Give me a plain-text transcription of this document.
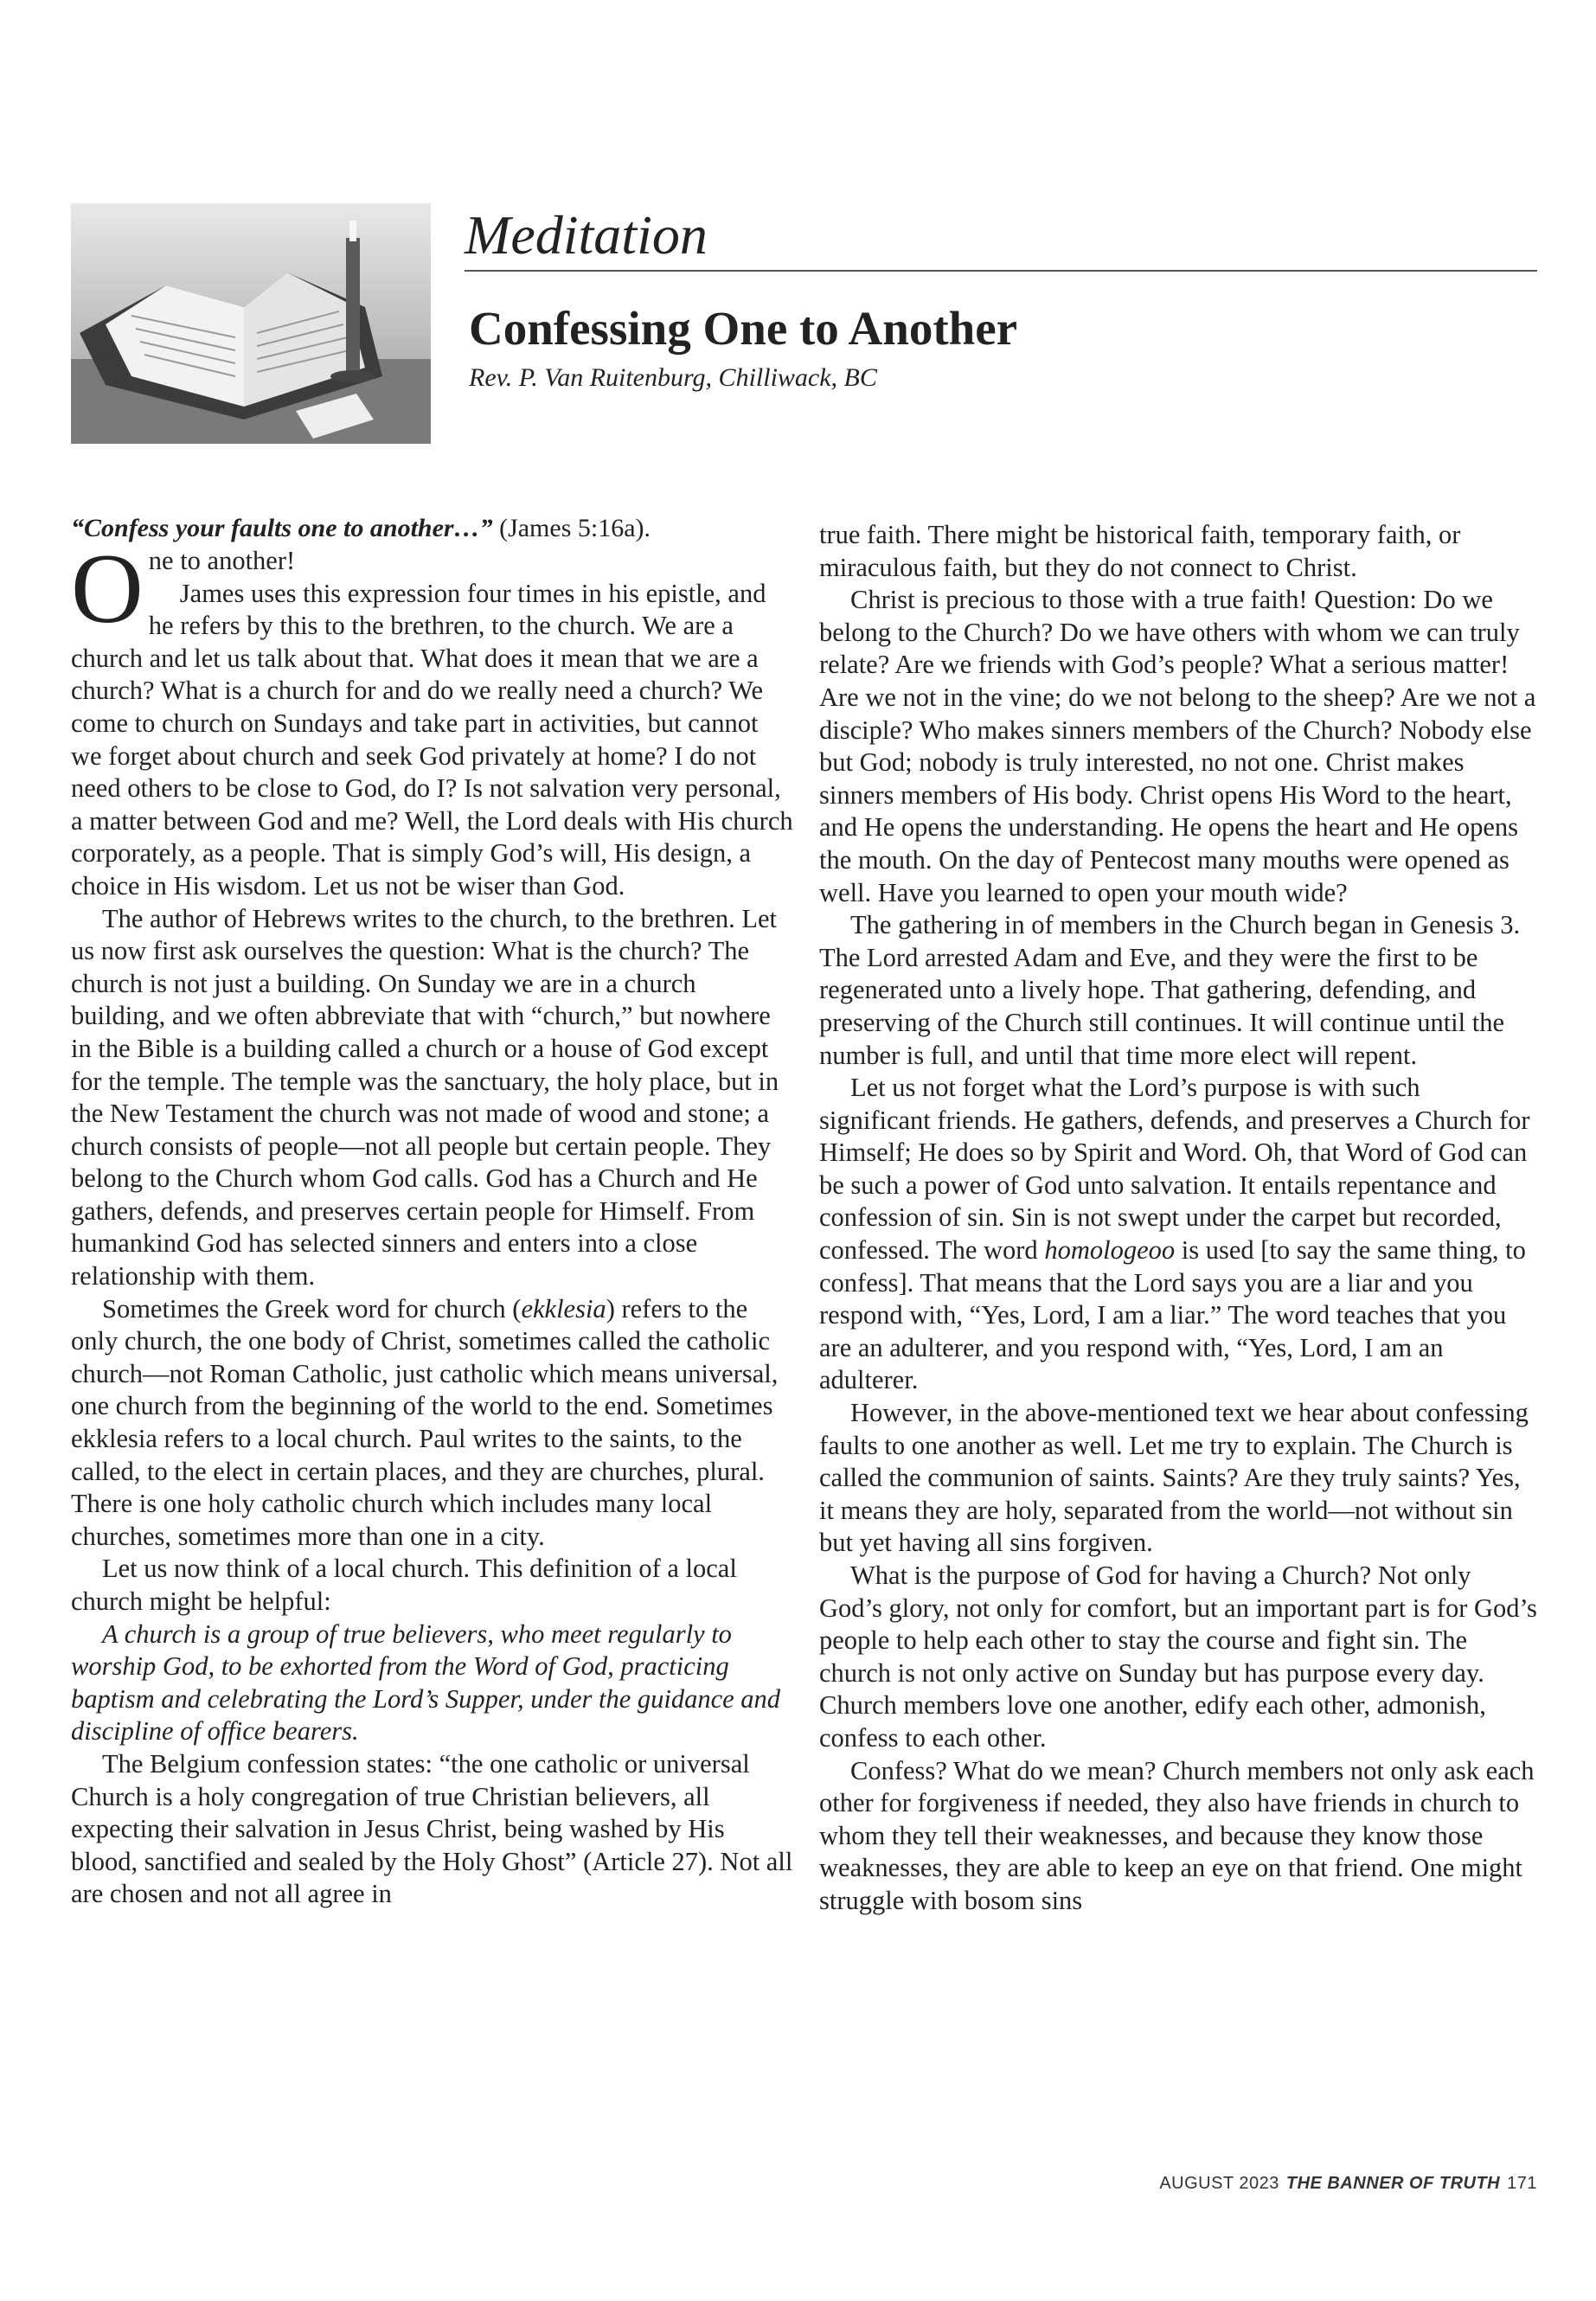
Meditation
Confessing One to Another
Rev. P. Van Ruitenburg, Chilliwack, BC

“Confess your faults one to another…” (James 5:16a).

One to another!

James uses this expression four times in his epistle, and he refers by this to the brethren, to the church. We are a church and let us talk about that. What does it mean that we are a church? What is a church for and do we really need a church? We come to church on Sundays and take part in activities, but cannot we forget about church and seek God privately at home? I do not need others to be close to God, do I? Is not salvation very personal, a matter between God and me? Well, the Lord deals with His church corporately, as a people. That is simply God’s will, His design, a choice in His wisdom. Let us not be wiser than God.

The author of Hebrews writes to the church, to the brethren. Let us now first ask ourselves the question: What is the church? The church is not just a building. On Sunday we are in a church building, and we often abbreviate that with “church,” but nowhere in the Bible is a building called a church or a house of God except for the temple. The temple was the sanctuary, the holy place, but in the New Testament the church was not made of wood and stone; a church consists of people—not all people but certain people. They belong to the Church whom God calls. God has a Church and He gathers, defends, and preserves certain people for Himself. From humankind God has selected sinners and enters into a close relationship with them.

Sometimes the Greek word for church (ekklesia) refers to the only church, the one body of Christ, sometimes called the catholic church—not Roman Catholic, just catholic which means universal, one church from the beginning of the world to the end. Sometimes ekklesia refers to a local church. Paul writes to the saints, to the called, to the elect in certain places, and they are churches, plural. There is one holy catholic church which includes many local churches, sometimes more than one in a city.

Let us now think of a local church. This definition of a local church might be helpful:

A church is a group of true believers, who meet regularly to worship God, to be exhorted from the Word of God, practicing baptism and celebrating the Lord’s Supper, under the guidance and discipline of office bearers.

The Belgium confession states: “the one catholic or universal Church is a holy congregation of true Christian believers, all expecting their salvation in Jesus Christ, being washed by His blood, sanctified and sealed by the Holy Ghost” (Article 27). Not all are chosen and not all agree in

true faith. There might be historical faith, temporary faith, or miraculous faith, but they do not connect to Christ.

Christ is precious to those with a true faith! Question: Do we belong to the Church? Do we have others with whom we can truly relate? Are we friends with God’s people? What a serious matter! Are we not in the vine; do we not belong to the sheep? Are we not a disciple? Who makes sinners members of the Church? Nobody else but God; nobody is truly interested, no not one. Christ makes sinners members of His body. Christ opens His Word to the heart, and He opens the understanding. He opens the heart and He opens the mouth. On the day of Pentecost many mouths were opened as well. Have you learned to open your mouth wide?

The gathering in of members in the Church began in Genesis 3. The Lord arrested Adam and Eve, and they were the first to be regenerated unto a lively hope. That gathering, defending, and preserving of the Church still continues. It will continue until the number is full, and until that time more elect will repent.

Let us not forget what the Lord’s purpose is with such significant friends. He gathers, defends, and preserves a Church for Himself; He does so by Spirit and Word. Oh, that Word of God can be such a power of God unto salvation. It entails repentance and confession of sin. Sin is not swept under the carpet but recorded, confessed. The word homologeoo is used [to say the same thing, to confess]. That means that the Lord says you are a liar and you respond with, “Yes, Lord, I am a liar.” The word teaches that you are an adulterer, and you respond with, “Yes, Lord, I am an adulterer.

However, in the above-mentioned text we hear about confessing faults to one another as well. Let me try to explain. The Church is called the communion of saints. Saints? Are they truly saints? Yes, it means they are holy, separated from the world—not without sin but yet having all sins forgiven.

What is the purpose of God for having a Church? Not only God’s glory, not only for comfort, but an important part is for God’s people to help each other to stay the course and fight sin. The church is not only active on Sunday but has purpose every day. Church members love one another, edify each other, admonish, confess to each other.

Confess? What do we mean? Church members not only ask each other for forgiveness if needed, they also have friends in church to whom they tell their weaknesses, and because they know those weaknesses, they are able to keep an eye on that friend. One might struggle with bosom sins

AUGUST 2023 THE BANNER OF TRUTH 171
